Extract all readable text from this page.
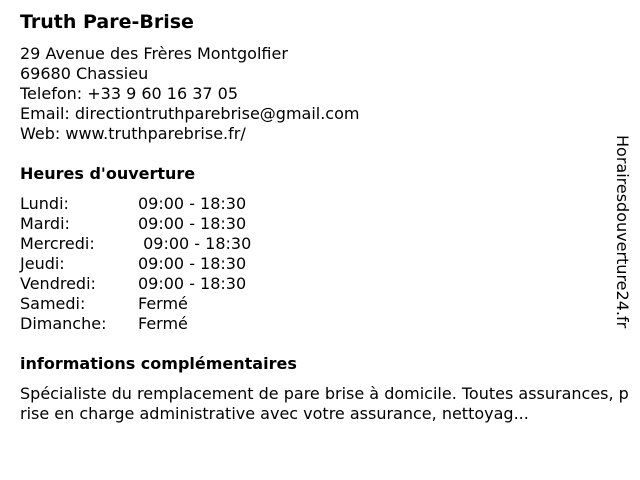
Truth Pare-Brise
29 Avenue des Frères Montgolfier
69680 Chassieu
Telefon: +33 9 60 16 37 05
Email: directiontruthparebrise@gmail.com
Web: www.truthparebrise.fr/
Heures d'ouverture
Lundi:	09:00 - 18:30
Mardi:	09:00 - 18:30
Mercredi:	09:00 - 18:30
Jeudi:	09:00 - 18:30
Vendredi:	09:00 - 18:30
Samedi:	Fermé
Dimanche:	Fermé
informations complémentaires
Spécialiste du remplacement de pare brise à domicile. Toutes assurances, prise en charge administrative avec votre assurance, nettoyag...
Horairesdouverture24.fr
